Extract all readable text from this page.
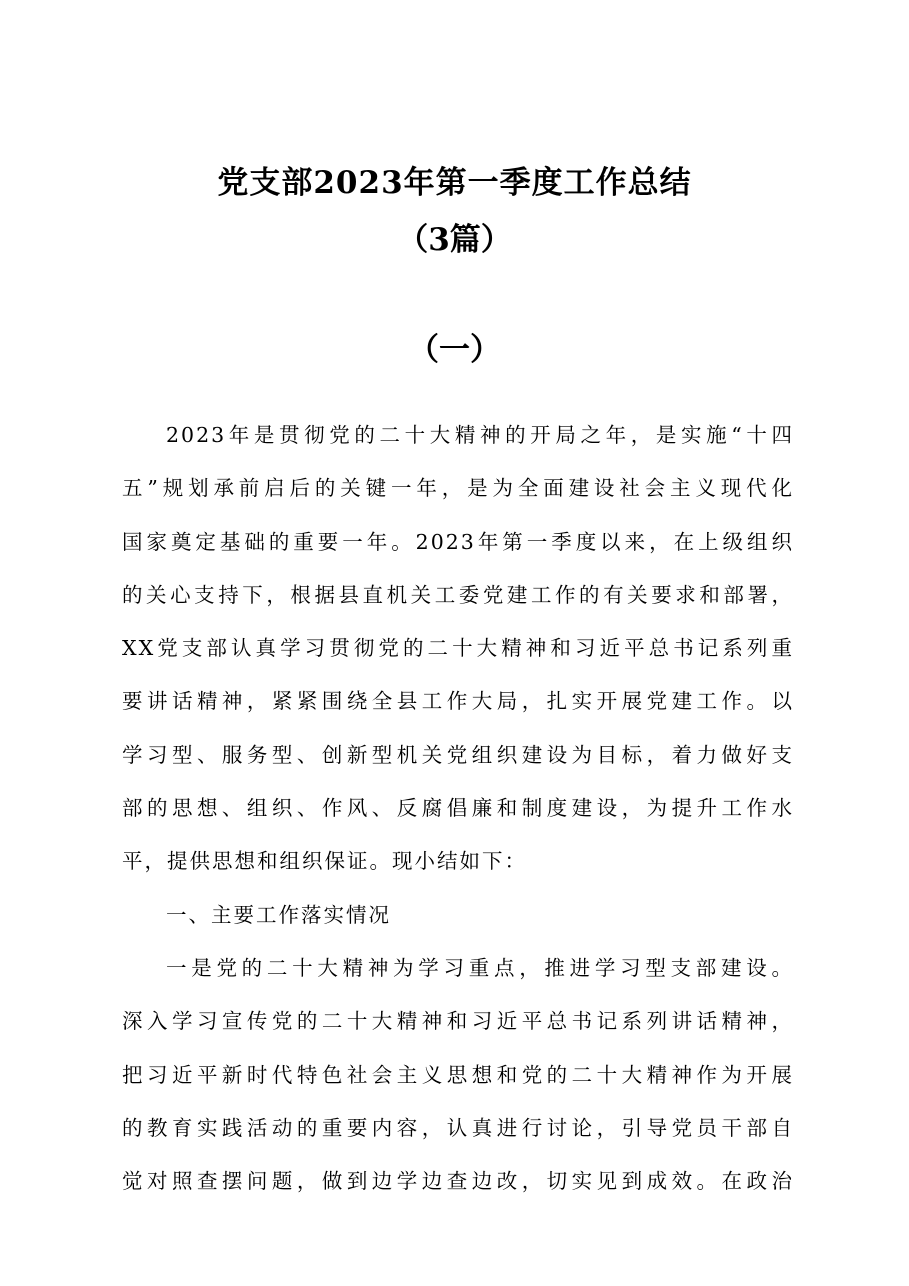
党支部2023年第一季度工作总结
（3篇）
（一）
2023年是贯彻党的二十大精神的开局之年，是实施“十四
五”规划承前启后的关键一年，是为全面建设社会主义现代化
国家奠定基础的重要一年。2023年第一季度以来，在上级组织
的关心支持下，根据县直机关工委党建工作的有关要求和部署，
XX党支部认真学习贯彻党的二十大精神和习近平总书记系列重
要讲话精神，紧紧围绕全县工作大局，扎实开展党建工作。以
学习型、服务型、创新型机关党组织建设为目标，着力做好支
部的思想、组织、作风、反腐倡廉和制度建设，为提升工作水
平，提供思想和组织保证。现小结如下：
一、主要工作落实情况
一是党的二十大精神为学习重点，推进学习型支部建设。
深入学习宣传党的二十大精神和习近平总书记系列讲话精神，
把习近平新时代特色社会主义思想和党的二十大精神作为开展
的教育实践活动的重要内容，认真进行讨论，引导党员干部自
觉对照查摆问题，做到边学边查边改，切实见到成效。在政治
